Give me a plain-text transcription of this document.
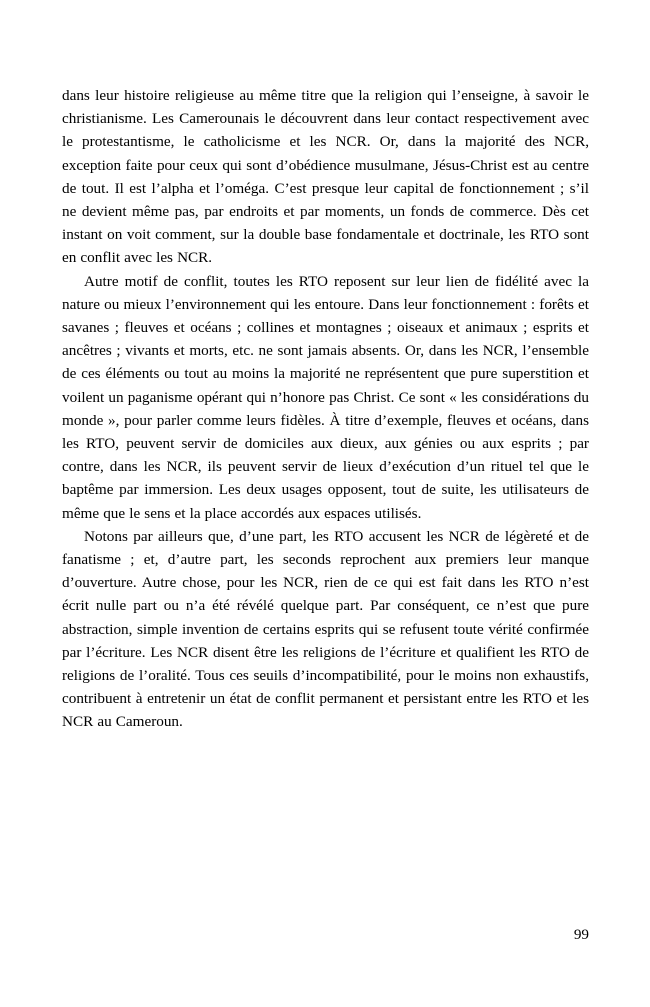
dans leur histoire religieuse au même titre que la religion qui l’enseigne, à savoir le christianisme. Les Camerounais le découvrent dans leur contact respectivement avec le protestantisme, le catholicisme et les NCR. Or, dans la majorité des NCR, exception faite pour ceux qui sont d’obédience musulmane, Jésus-Christ est au centre de tout. Il est l’alpha et l’oméga. C’est presque leur capital de fonctionnement ; s’il ne devient même pas, par endroits et par moments, un fonds de commerce. Dès cet instant on voit comment, sur la double base fondamentale et doctrinale, les RTO sont en conflit avec les NCR.

Autre motif de conflit, toutes les RTO reposent sur leur lien de fidélité avec la nature ou mieux l’environnement qui les entoure. Dans leur fonctionnement : forêts et savanes ; fleuves et océans ; collines et montagnes ; oiseaux et animaux ; esprits et ancêtres ; vivants et morts, etc. ne sont jamais absents. Or, dans les NCR, l’ensemble de ces éléments ou tout au moins la majorité ne représentent que pure superstition et voilent un paganisme opérant qui n’honore pas Christ. Ce sont « les considérations du monde », pour parler comme leurs fidèles. À titre d’exemple, fleuves et océans, dans les RTO, peuvent servir de domiciles aux dieux, aux génies ou aux esprits ; par contre, dans les NCR, ils peuvent servir de lieux d’exécution d’un rituel tel que le baptême par immersion. Les deux usages opposent, tout de suite, les utilisateurs de même que le sens et la place accordés aux espaces utilisés.

Notons par ailleurs que, d’une part, les RTO accusent les NCR de légèreté et de fanatisme ; et, d’autre part, les seconds reprochent aux premiers leur manque d’ouverture. Autre chose, pour les NCR, rien de ce qui est fait dans les RTO n’est écrit nulle part ou n’a été révélé quelque part. Par conséquent, ce n’est que pure abstraction, simple invention de certains esprits qui se refusent toute vérité confirmée par l’écriture. Les NCR disent être les religions de l’écriture et qualifient les RTO de religions de l’oralité. Tous ces seuils d’incompatibilité, pour le moins non exhaustifs, contribuent à entretenir un état de conflit permanent et persistant entre les RTO et les NCR au Cameroun.

99
